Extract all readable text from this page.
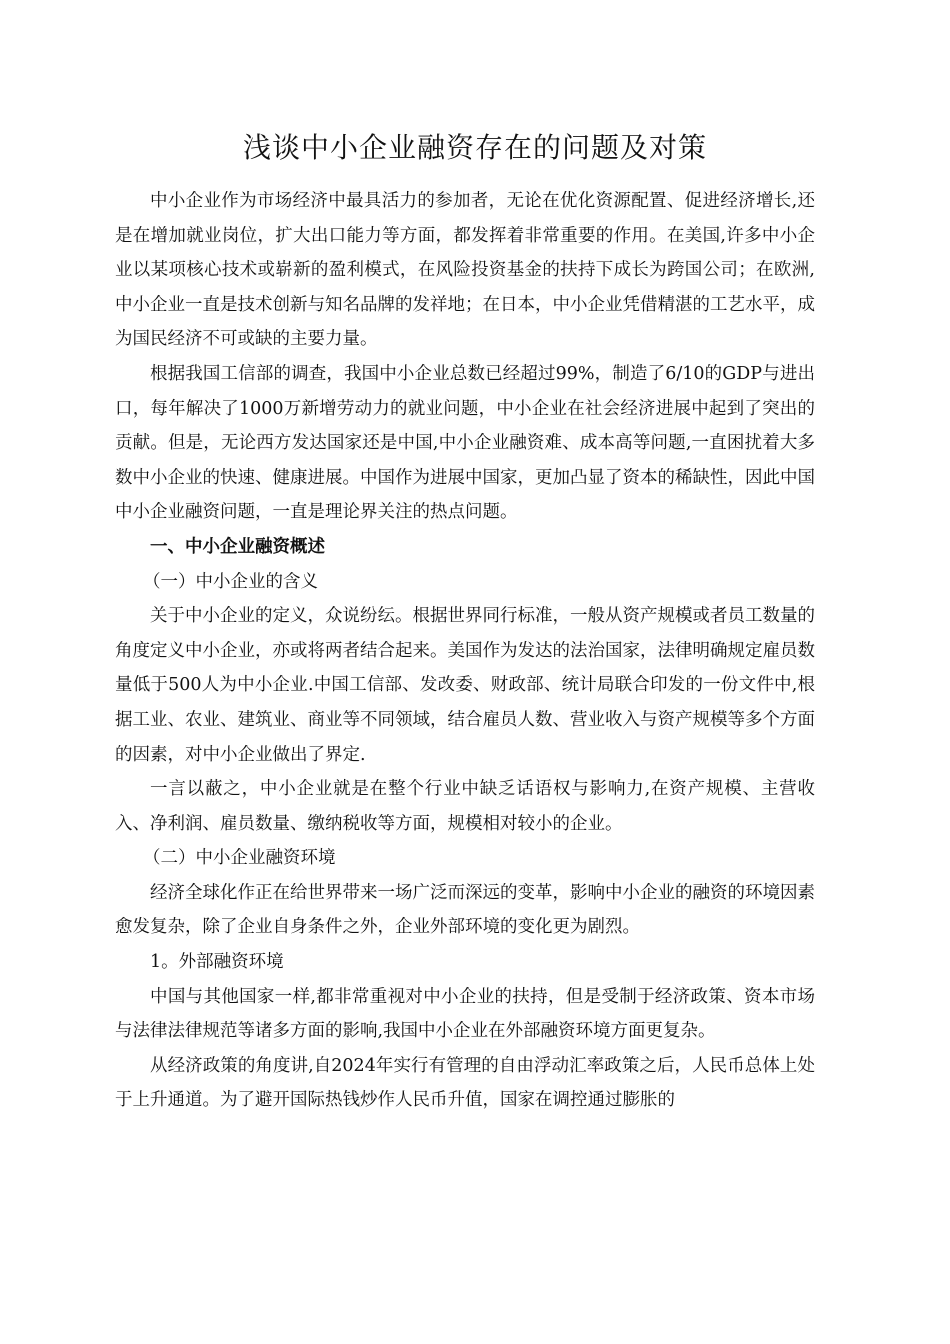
浅谈中小企业融资存在的问题及对策

中小企业作为市场经济中最具活力的参加者，无论在优化资源配置、促进经济增长,还是在增加就业岗位，扩大出口能力等方面，都发挥着非常重要的作用。在美国,许多中小企业以某项核心技术或崭新的盈利模式，在风险投资基金的扶持下成长为跨国公司；在欧洲,中小企业一直是技术创新与知名品牌的发祥地；在日本，中小企业凭借精湛的工艺水平，成为国民经济不可或缺的主要力量。

根据我国工信部的调查，我国中小企业总数已经超过99%，制造了6/10的GDP与进出口，每年解决了1000万新增劳动力的就业问题，中小企业在社会经济进展中起到了突出的贡献。但是，无论西方发达国家还是中国,中小企业融资难、成本高等问题,一直困扰着大多数中小企业的快速、健康进展。中国作为进展中国家，更加凸显了资本的稀缺性，因此中国中小企业融资问题，一直是理论界关注的热点问题。

一、中小企业融资概述

（一）中小企业的含义

关于中小企业的定义，众说纷纭。根据世界同行标准，一般从资产规模或者员工数量的角度定义中小企业，亦或将两者结合起来。美国作为发达的法治国家，法律明确规定雇员数量低于500人为中小企业.中国工信部、发改委、财政部、统计局联合印发的一份文件中,根据工业、农业、建筑业、商业等不同领域，结合雇员人数、营业收入与资产规模等多个方面的因素，对中小企业做出了界定.

一言以蔽之，中小企业就是在整个行业中缺乏话语权与影响力,在资产规模、主营收入、净利润、雇员数量、缴纳税收等方面，规模相对较小的企业。

（二）中小企业融资环境

经济全球化作正在给世界带来一场广泛而深远的变革，影响中小企业的融资的环境因素愈发复杂，除了企业自身条件之外，企业外部环境的变化更为剧烈。

1。外部融资环境

中国与其他国家一样,都非常重视对中小企业的扶持，但是受制于经济政策、资本市场与法律法律规范等诸多方面的影响,我国中小企业在外部融资环境方面更复杂。

从经济政策的角度讲,自2024年实行有管理的自由浮动汇率政策之后，人民币总体上处于上升通道。为了避开国际热钱炒作人民币升值，国家在调控通过膨胀的
